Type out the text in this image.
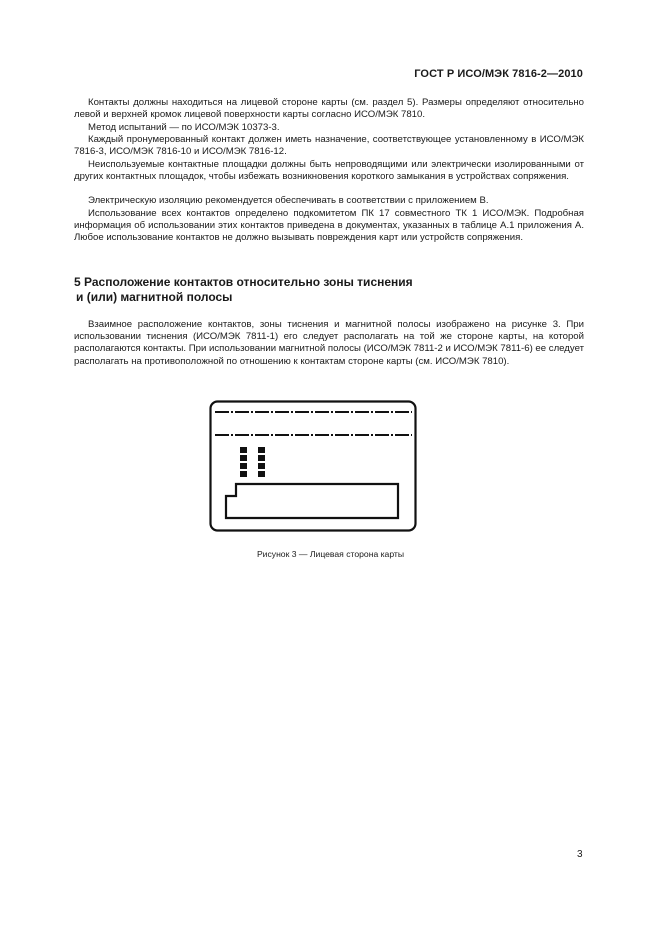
ГОСТ Р ИСО/МЭК 7816-2—2010

Контакты должны находиться на лицевой стороне карты (см. раздел 5). Размеры определяют относительно левой и верхней кромок лицевой поверхности карты согласно ИСО/МЭК 7810.

Метод испытаний — по ИСО/МЭК 10373-3.

Каждый пронумерованный контакт должен иметь назначение, соответствующее установленному в ИСО/МЭК 7816-3, ИСО/МЭК 7816-10 и ИСО/МЭК 7816-12.

Неиспользуемые контактные площадки должны быть непроводящими или электрически изолированными от других контактных площадок, чтобы избежать возникновения короткого замыкания в устройствах сопряжения.

Электрическую изоляцию рекомендуется обеспечивать в соответствии с приложением В.

Использование всех контактов определено подкомитетом ПК 17 совместного ТК 1 ИСО/МЭК. Подробная информация об использовании этих контактов приведена в документах, указанных в таблице А.1 приложения А. Любое использование контактов не должно вызывать повреждения карт или устройств сопряжения.

5 Расположение контактов относительно зоны тиснения
и (или) магнитной полосы

Взаимное расположение контактов, зоны тиснения и магнитной полосы изображено на рисунке 3. При использовании тиснения (ИСО/МЭК 7811-1) его следует располагать на той же стороне карты, на которой располагаются контакты. При использовании магнитной полосы (ИСО/МЭК 7811-2 и ИСО/МЭК 7811-6) ее следует располагать на противоположной по отношению к контактам стороне карты (см. ИСО/МЭК 7810).

Рисунок 3 — Лицевая сторона карты
3
